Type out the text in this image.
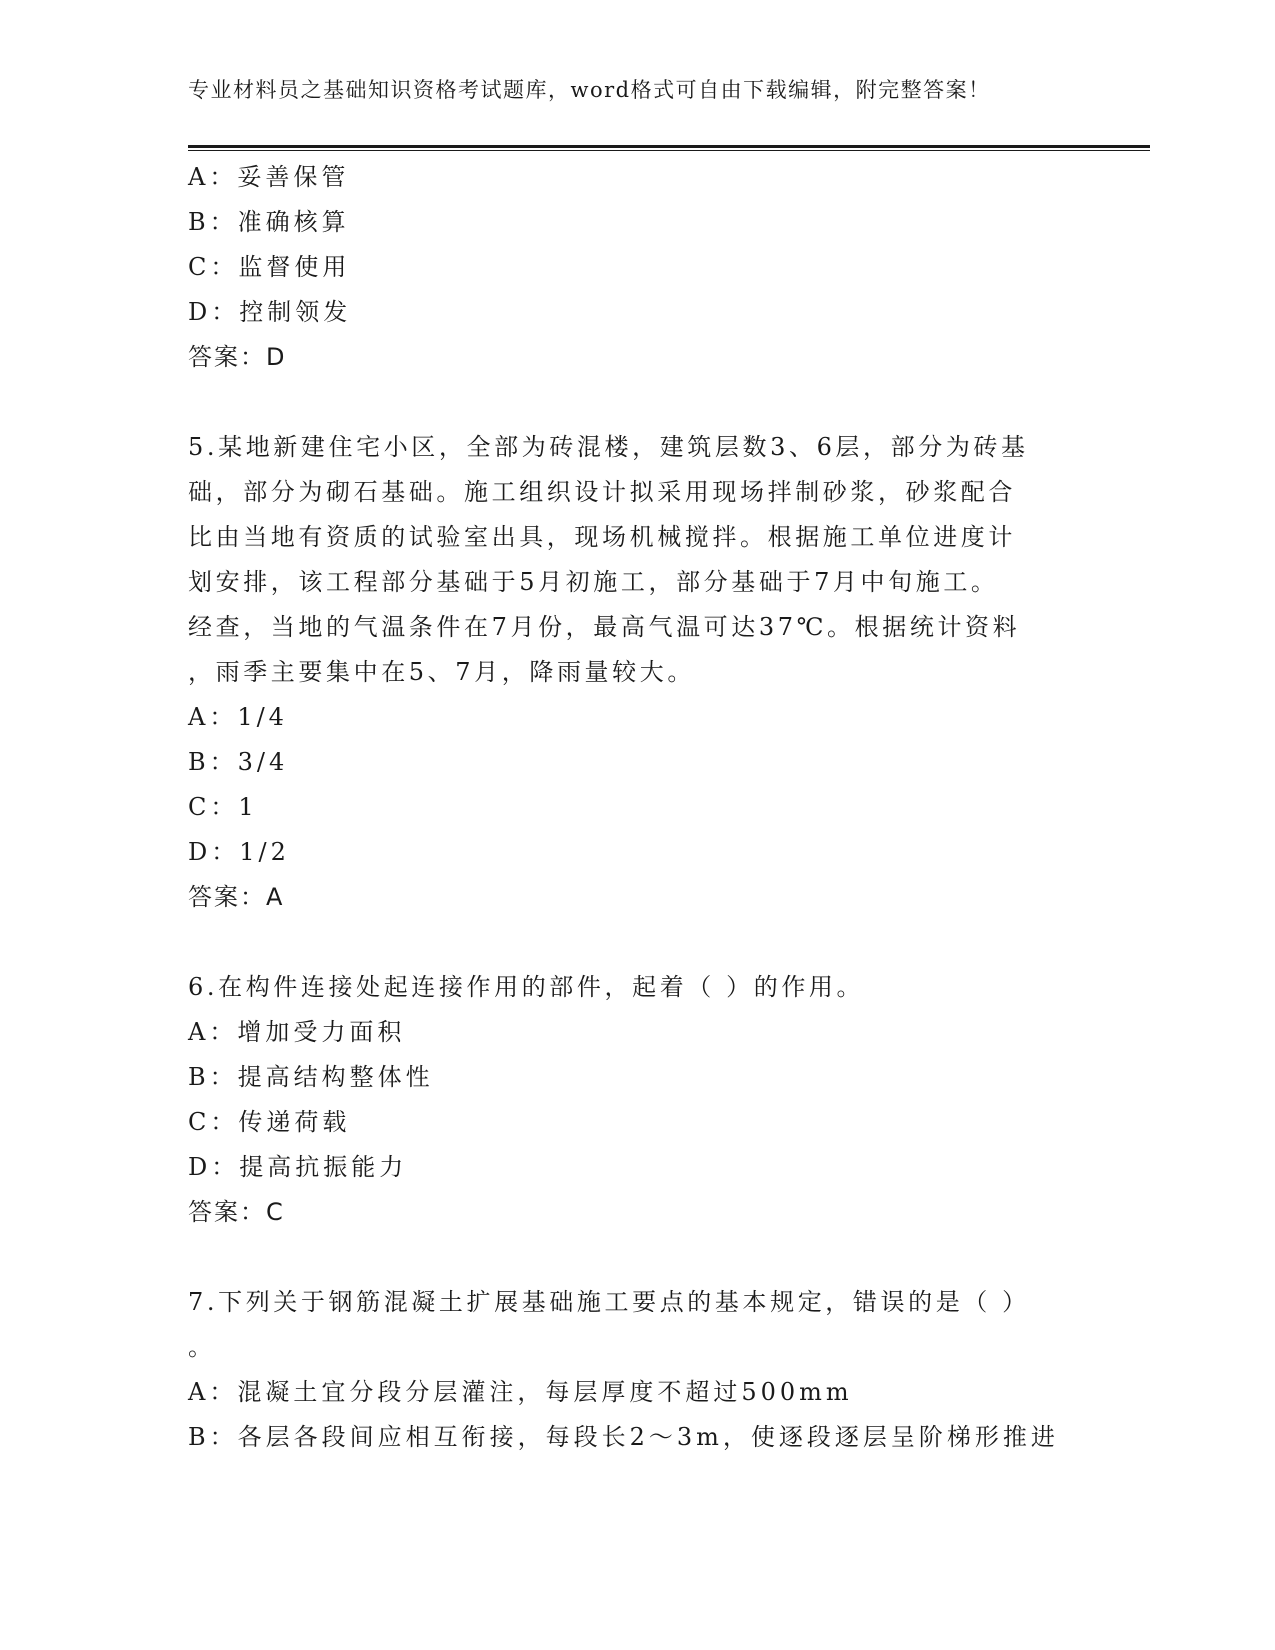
专业材料员之基础知识资格考试题库，word格式可自由下载编辑，附完整答案！
A：妥善保管
B：准确核算
C：监督使用
D：控制领发
答案：D
5.某地新建住宅小区，全部为砖混楼，建筑层数3、6层，部分为砖基
础，部分为砌石基础。施工组织设计拟采用现场拌制砂浆，砂浆配合
比由当地有资质的试验室出具，现场机械搅拌。根据施工单位进度计
划安排，该工程部分基础于5月初施工，部分基础于7月中旬施工。
经查，当地的气温条件在7月份，最高气温可达37℃。根据统计资料
，雨季主要集中在5、7月，降雨量较大。
A：1/4
B：3/4
C：1
D：1/2
答案：A
6.在构件连接处起连接作用的部件，起着（ ）的作用。
A：增加受力面积
B：提高结构整体性
C：传递荷载
D：提高抗振能力
答案：C
7.下列关于钢筋混凝土扩展基础施工要点的基本规定，错误的是（ ）
。
A：混凝土宜分段分层灌注，每层厚度不超过500mm
B：各层各段间应相互衔接，每段长2～3m，使逐段逐层呈阶梯形推进
